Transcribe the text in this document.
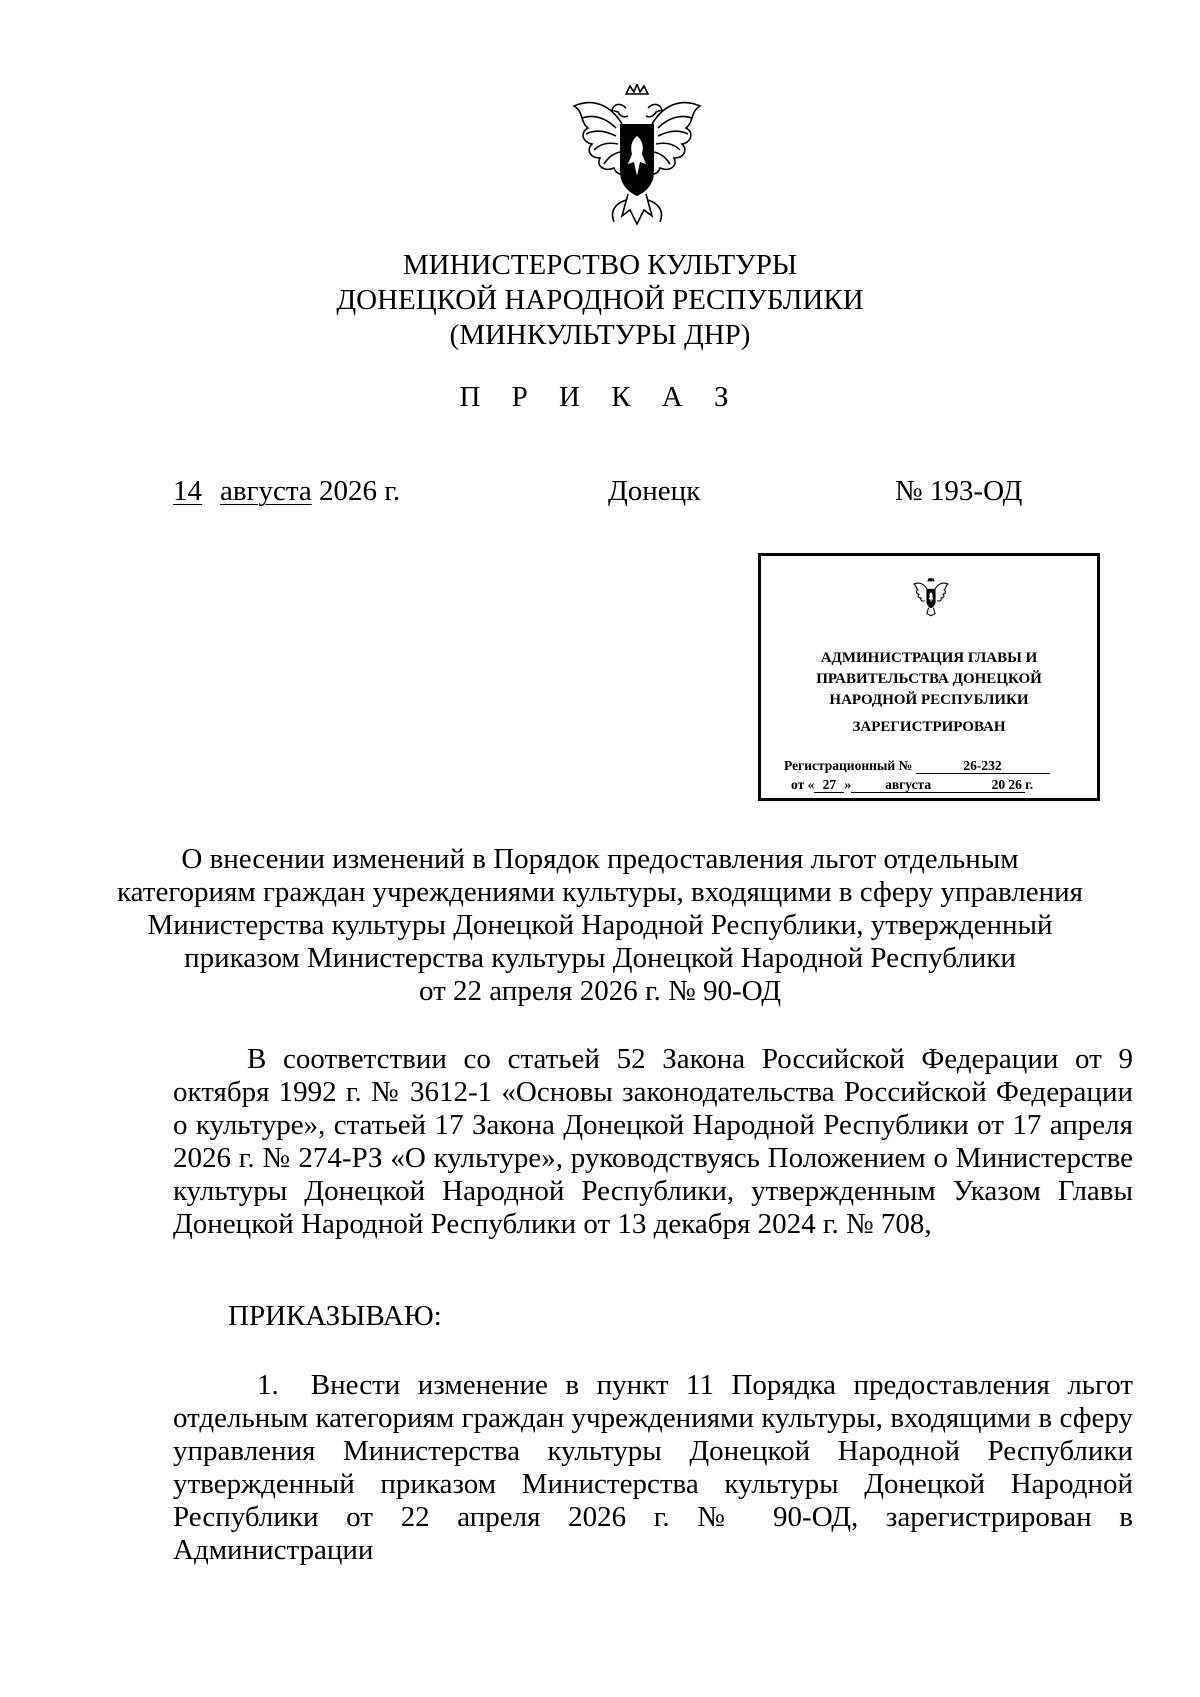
МИНИСТЕРСТВО КУЛЬТУРЫ
ДОНЕЦКОЙ НАРОДНОЙ РЕСПУБЛИКИ
(МИНКУЛЬТУРЫ ДНР)
П Р И К А З
14 августа 2026 г.	Донецк	№ 193-ОД
АДМИНИСТРАЦИЯ ГЛАВЫ И
ПРАВИТЕЛЬСТВА ДОНЕЦКОЙ
НАРОДНОЙ РЕСПУБЛИКИ
ЗАРЕГИСТРИРОВАН
Регистрационный №	26-232
от « 27 »	августа	20 26 г.
О внесении изменений в Порядок предоставления льгот отдельным
категориям граждан учреждениями культуры, входящими в сферу управления
Министерства культуры Донецкой Народной Республики, утвержденный
приказом Министерства культуры Донецкой Народной Республики
от 22 апреля 2026 г. № 90-ОД

В соответствии со статьей 52 Закона Российской Федерации от 9 октября 1992 г. № 3612-1 «Основы законодательства Российской Федерации о культуре», статьей 17 Закона Донецкой Народной Республики от 17 апреля 2026 г. № 274-РЗ «О культуре», руководствуясь Положением о Министерстве культуры Донецкой Народной Республики, утвержденным Указом Главы Донецкой Народной Республики от 13 декабря 2024 г. № 708,

ПРИКАЗЫВАЮ:

1. Внести изменение в пункт 11 Порядка предоставления льгот отдельным категориям граждан учреждениями культуры, входящими в сферу управления Министерства культуры Донецкой Народной Республики утвержденный приказом Министерства культуры Донецкой Народной Республики от 22 апреля 2026 г. № 90-ОД, зарегистрирован в Администрации
